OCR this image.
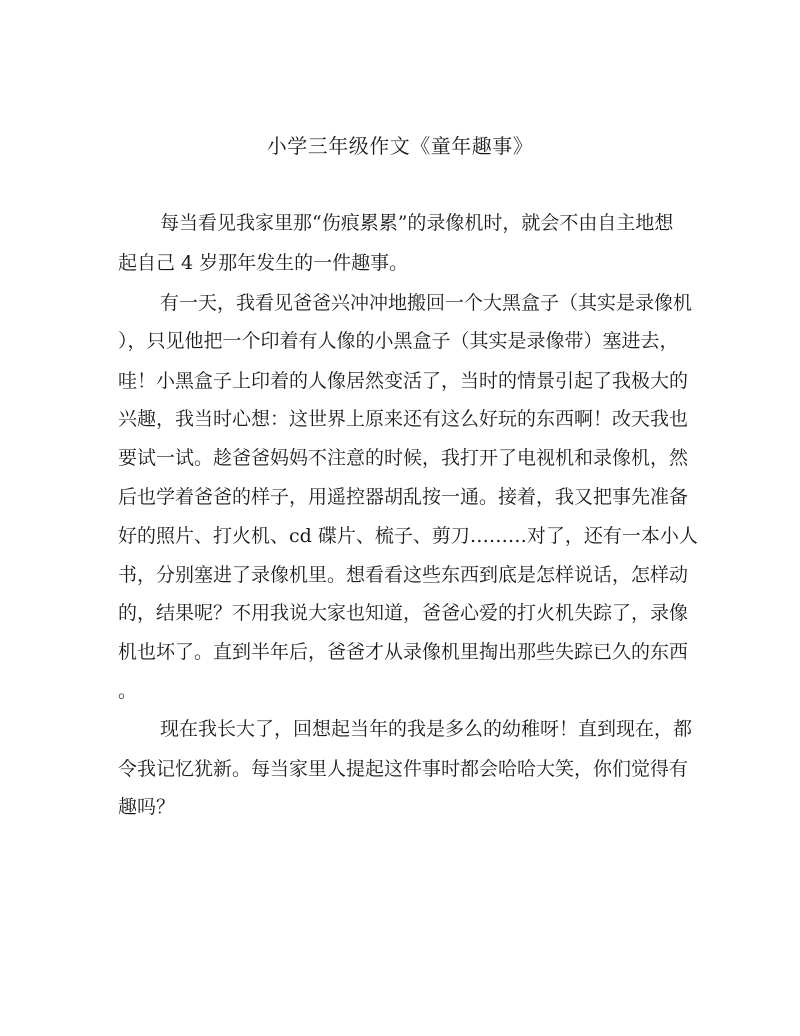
小学三年级作文《童年趣事》
每当看见我家里那“伤痕累累”的录像机时，就会不由自主地想
起自己 4 岁那年发生的一件趣事。
有一天，我看见爸爸兴冲冲地搬回一个大黑盒子（其实是录像机
），只见他把一个印着有人像的小黑盒子（其实是录像带）塞进去，
哇！小黑盒子上印着的人像居然变活了，当时的情景引起了我极大的
兴趣，我当时心想：这世界上原来还有这么好玩的东西啊！改天我也
要试一试。趁爸爸妈妈不注意的时候，我打开了电视机和录像机，然
后也学着爸爸的样子，用遥控器胡乱按一通。接着，我又把事先准备
好的照片、打火机、cd 碟片、梳子、剪刀………对了，还有一本小人
书，分别塞进了录像机里。想看看这些东西到底是怎样说话，怎样动
的，结果呢？不用我说大家也知道，爸爸心爱的打火机失踪了，录像
机也坏了。直到半年后，爸爸才从录像机里掏出那些失踪已久的东西
。
现在我长大了，回想起当年的我是多么的幼稚呀！直到现在，都
令我记忆犹新。每当家里人提起这件事时都会哈哈大笑，你们觉得有
趣吗？
